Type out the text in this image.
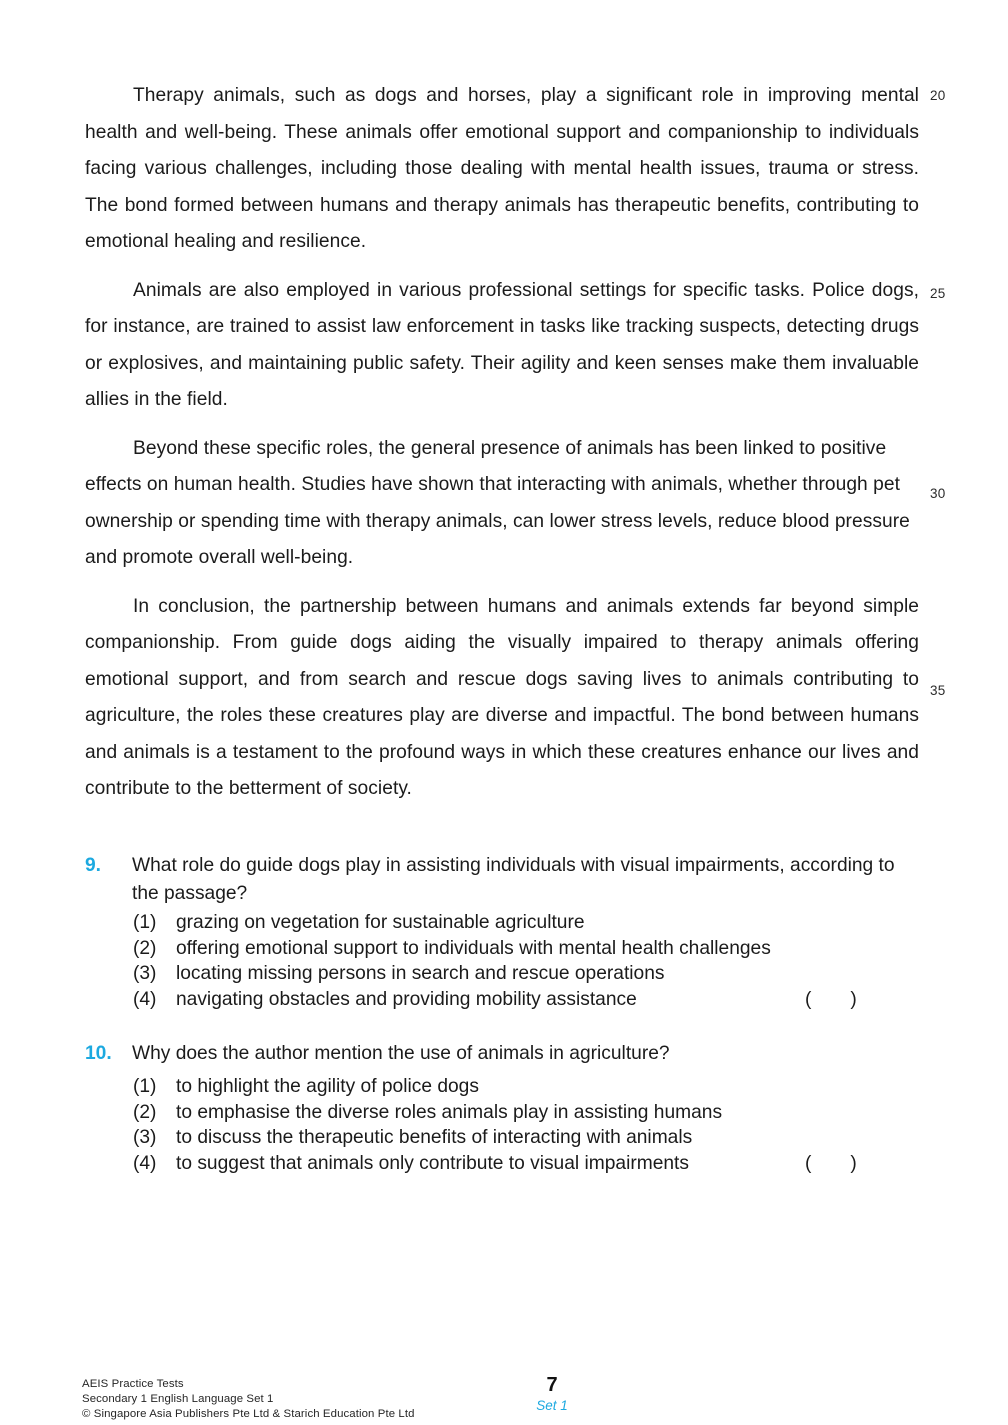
Therapy animals, such as dogs and horses, play a significant role in improving mental health and well-being. These animals offer emotional support and companionship to individuals facing various challenges, including those dealing with mental health issues, trauma or stress. The bond formed between humans and therapy animals has therapeutic benefits, contributing to emotional healing and resilience.

Animals are also employed in various professional settings for specific tasks. Police dogs, for instance, are trained to assist law enforcement in tasks like tracking suspects, detecting drugs or explosives, and maintaining public safety. Their agility and keen senses make them invaluable allies in the field.

Beyond these specific roles, the general presence of animals has been linked to positive effects on human health. Studies have shown that interacting with animals, whether through pet ownership or spending time with therapy animals, can lower stress levels, reduce blood pressure and promote overall well-being.

In conclusion, the partnership between humans and animals extends far beyond simple companionship. From guide dogs aiding the visually impaired to therapy animals offering emotional support, and from search and rescue dogs saving lives to animals contributing to agriculture, the roles these creatures play are diverse and impactful. The bond between humans and animals is a testament to the profound ways in which these creatures enhance our lives and contribute to the betterment of society.

20
25
30
35
9.	What role do guide dogs play in assisting individuals with visual impairments, according to the passage?
(1)	grazing on vegetation for sustainable agriculture
(2)	offering emotional support to individuals with mental health challenges
(3)	locating missing persons in search and rescue operations
(4)	navigating obstacles and providing mobility assistance	(      )
10.	Why does the author mention the use of animals in agriculture?
(1)	to highlight the agility of police dogs
(2)	to emphasise the diverse roles animals play in assisting humans
(3)	to discuss the therapeutic benefits of interacting with animals
(4)	to suggest that animals only contribute to visual impairments	(      )
AEIS Practice Tests
Secondary 1 English Language Set 1
© Singapore Asia Publishers Pte Ltd & Starich Education Pte Ltd
7
Set 1
